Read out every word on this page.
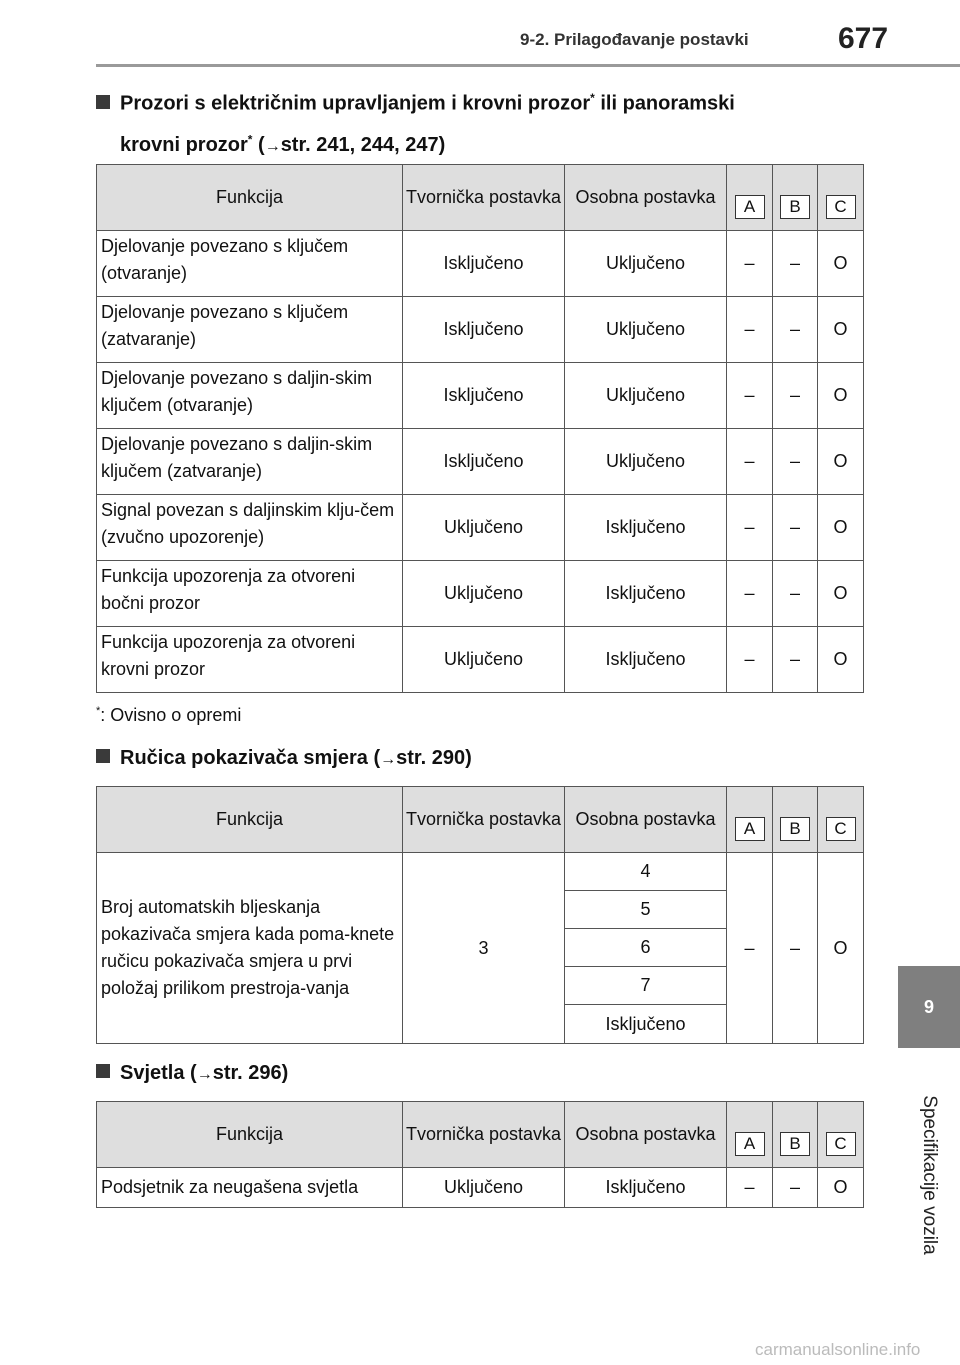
9-2. Prilagođavanje postavki	677
9
Specifikacije vozila
Prozori s električnim upravljanjem i krovni prozor* ili panoramski
krovni prozor* (→str. 241, 244, 247)
Funkcija	Tvornička postavka	Osobna postavka	A	B	C
Djelovanje povezano s ključem (otvaranje)	Isključeno	Uključeno	–	–	O
Djelovanje povezano s ključem (zatvaranje)	Isključeno	Uključeno	–	–	O
Djelovanje povezano s daljin-skim ključem (otvaranje)	Isključeno	Uključeno	–	–	O
Djelovanje povezano s daljin-skim ključem (zatvaranje)	Isključeno	Uključeno	–	–	O
Signal povezan s daljinskim klju-čem (zvučno upozorenje)	Uključeno	Isključeno	–	–	O
Funkcija upozorenja za otvoreni bočni prozor	Uključeno	Isključeno	–	–	O
Funkcija upozorenja za otvoreni krovni prozor	Uključeno	Isključeno	–	–	O
*: Ovisno o opremi
Ručica pokazivača smjera (→str. 290)
Funkcija	Tvornička postavka	Osobna postavka	A	B	C
Broj automatskih bljeskanja pokazivača smjera kada poma-knete ručicu pokazivača smjera u prvi položaj prilikom prestroja-vanja	3	4	–	–	O
		5			
		6			
		7			
		Isključeno			
Svjetla (→str. 296)
Funkcija	Tvornička postavka	Osobna postavka	A	B	C
Podsjetnik za neugašena svjetla	Uključeno	Isključeno	–	–	O
carmanualsonline.info
